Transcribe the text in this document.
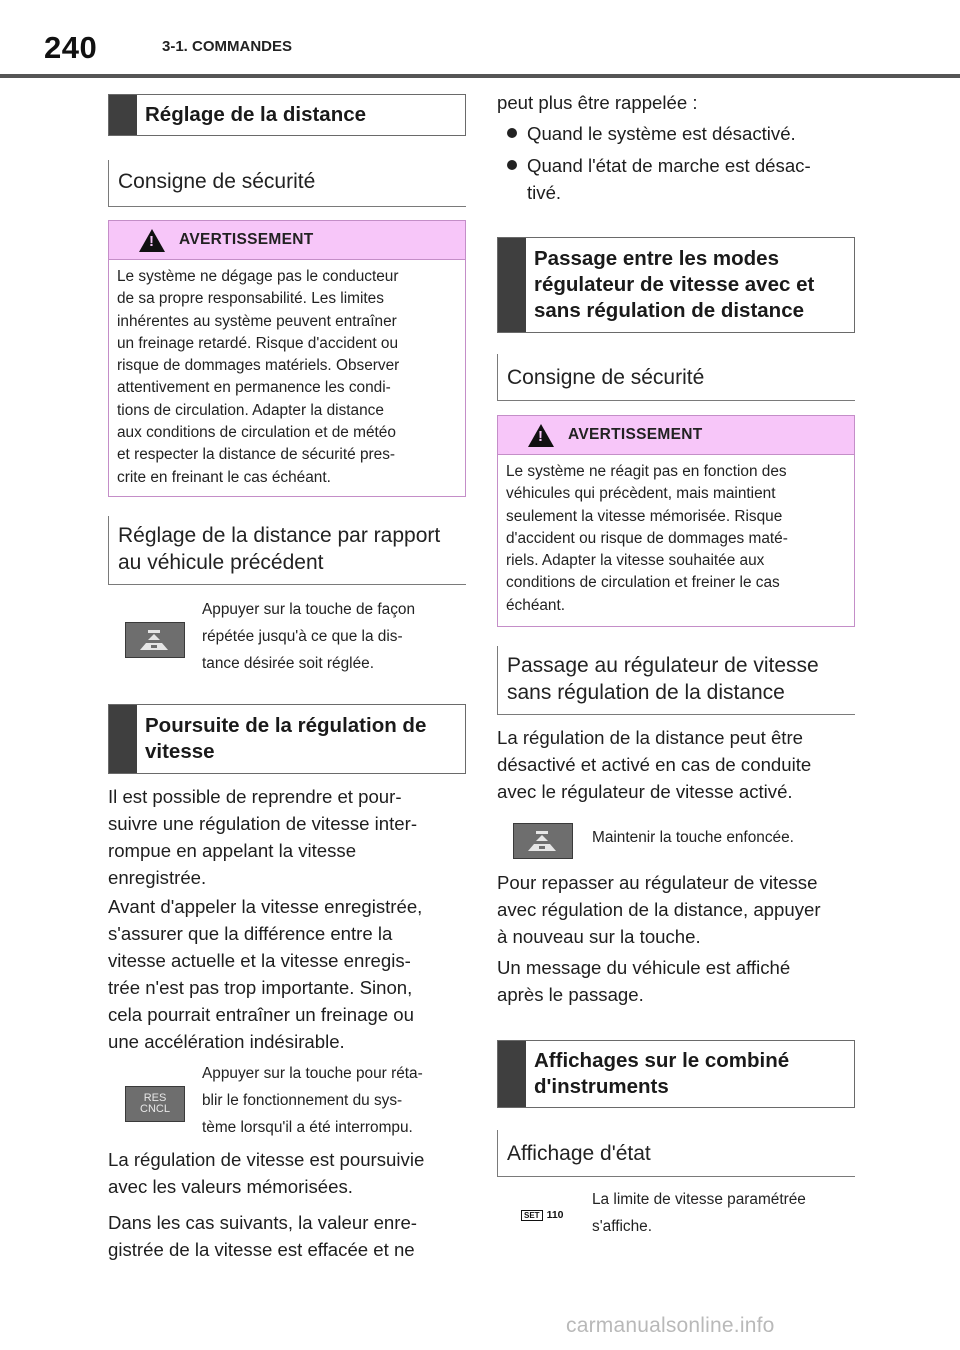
240	3-1. COMMANDES
Réglage de la distance
Consigne de sécurité
!
AVERTISSEMENT
Le système ne dégage pas le conducteur
de sa propre responsabilité. Les limites
inhérentes au système peuvent entraîner
un freinage retardé. Risque d'accident ou
risque de dommages matériels. Observer
attentivement en permanence les condi-
tions de circulation. Adapter la distance
aux conditions de circulation et de météo
et respecter la distance de sécurité pres-
crite en freinant le cas échéant.
Réglage de la distance par rapport
au véhicule précédent
Appuyer sur la touche de façon
répétée jusqu'à ce que la dis-
tance désirée soit réglée.
Poursuite de la régulation de
vitesse
Il est possible de reprendre et pour-
suivre une régulation de vitesse inter-
rompue en appelant la vitesse
enregistrée.
Avant d'appeler la vitesse enregistrée,
s'assurer que la différence entre la
vitesse actuelle et la vitesse enregis-
trée n'est pas trop importante. Sinon,
cela pourrait entraîner un freinage ou
une accélération indésirable.
RES
CNCL
Appuyer sur la touche pour réta-
blir le fonctionnement du sys-
tème lorsqu'il a été interrompu.
La régulation de vitesse est poursuivie
avec les valeurs mémorisées.
Dans les cas suivants, la valeur enre-
gistrée de la vitesse est effacée et ne
peut plus être rappelée :
Quand le système est désactivé.
Quand l'état de marche est désac-
tivé.
Passage entre les modes
régulateur de vitesse avec et
sans régulation de distance
Consigne de sécurité
!
AVERTISSEMENT
Le système ne réagit pas en fonction des
véhicules qui précèdent, mais maintient
seulement la vitesse mémorisée. Risque
d'accident ou risque de dommages maté-
riels. Adapter la vitesse souhaitée aux
conditions de circulation et freiner le cas
échéant.
Passage au régulateur de vitesse
sans régulation de la distance
La régulation de la distance peut être
désactivé et activé en cas de conduite
avec le régulateur de vitesse activé.
Maintenir la touche enfoncée.
Pour repasser au régulateur de vitesse
avec régulation de la distance, appuyer
à nouveau sur la touche.
Un message du véhicule est affiché
après le passage.
Affichages sur le combiné
d'instruments
Affichage d'état
SET 110
La limite de vitesse paramétrée
s'affiche.
carmanualsonline.info
